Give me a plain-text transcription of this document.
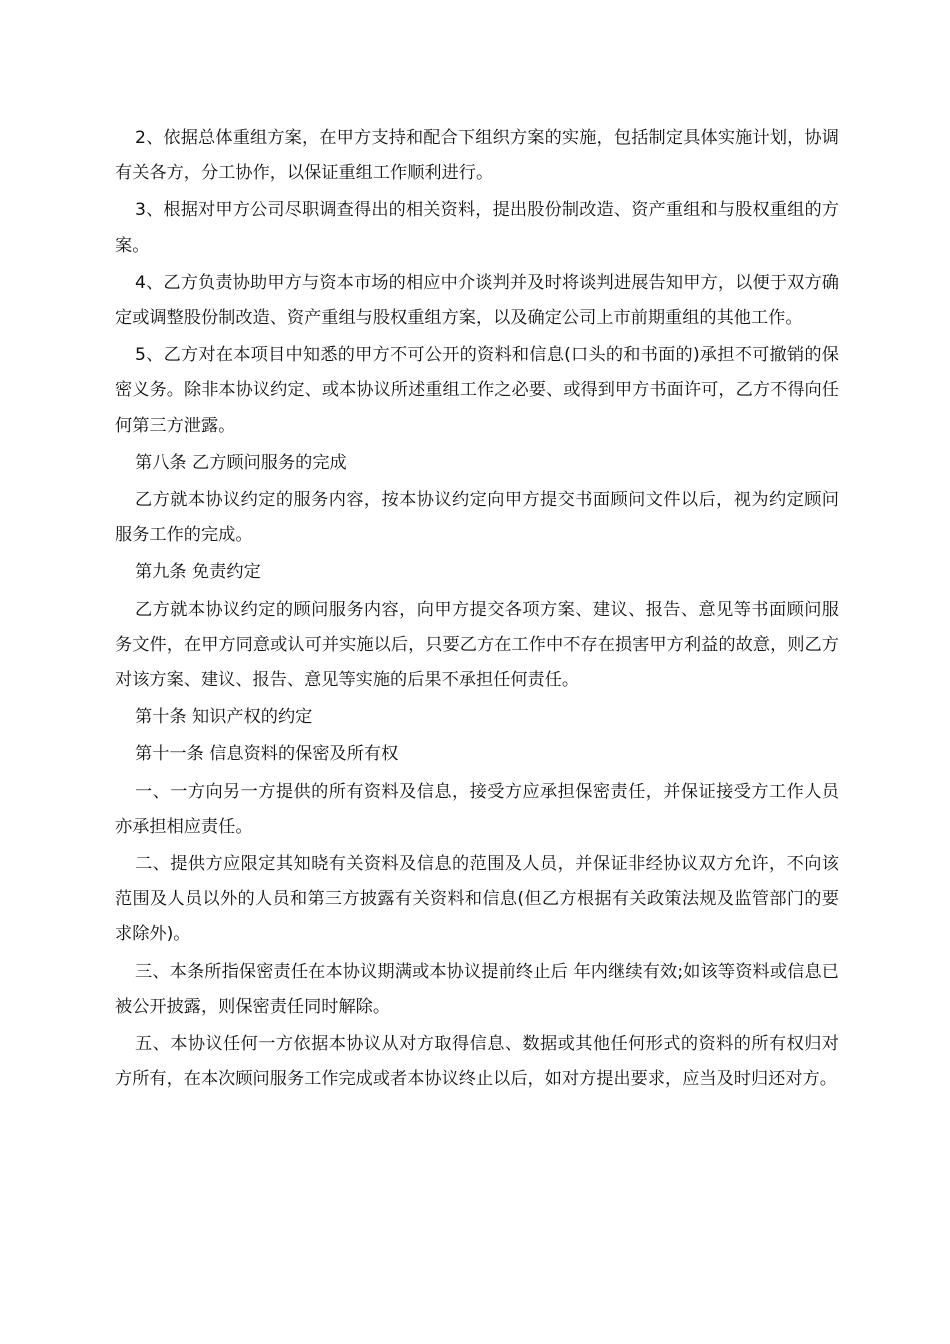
2、依据总体重组方案，在甲方支持和配合下组织方案的实施，包括制定具体实施计划，协调有关各方，分工协作，以保证重组工作顺利进行。

3、根据对甲方公司尽职调查得出的相关资料，提出股份制改造、资产重组和与股权重组的方案。

4、乙方负责协助甲方与资本市场的相应中介谈判并及时将谈判进展告知甲方，以便于双方确定或调整股份制改造、资产重组与股权重组方案，以及确定公司上市前期重组的其他工作。

5、乙方对在本项目中知悉的甲方不可公开的资料和信息(口头的和书面的)承担不可撤销的保密义务。除非本协议约定、或本协议所述重组工作之必要、或得到甲方书面许可，乙方不得向任何第三方泄露。

第八条 乙方顾问服务的完成

乙方就本协议约定的服务内容，按本协议约定向甲方提交书面顾问文件以后，视为约定顾问服务工作的完成。

第九条 免责约定

乙方就本协议约定的顾问服务内容，向甲方提交各项方案、建议、报告、意见等书面顾问服务文件，在甲方同意或认可并实施以后，只要乙方在工作中不存在损害甲方利益的故意，则乙方对该方案、建议、报告、意见等实施的后果不承担任何责任。

第十条 知识产权的约定

第十一条 信息资料的保密及所有权

一、一方向另一方提供的所有资料及信息，接受方应承担保密责任，并保证接受方工作人员亦承担相应责任。

二、提供方应限定其知晓有关资料及信息的范围及人员，并保证非经协议双方允许，不向该范围及人员以外的人员和第三方披露有关资料和信息(但乙方根据有关政策法规及监管部门的要求除外)。

三、本条所指保密责任在本协议期满或本协议提前终止后 年内继续有效;如该等资料或信息已被公开披露，则保密责任同时解除。

五、本协议任何一方依据本协议从对方取得信息、数据或其他任何形式的资料的所有权归对方所有，在本次顾问服务工作完成或者本协议终止以后，如对方提出要求，应当及时归还对方。
